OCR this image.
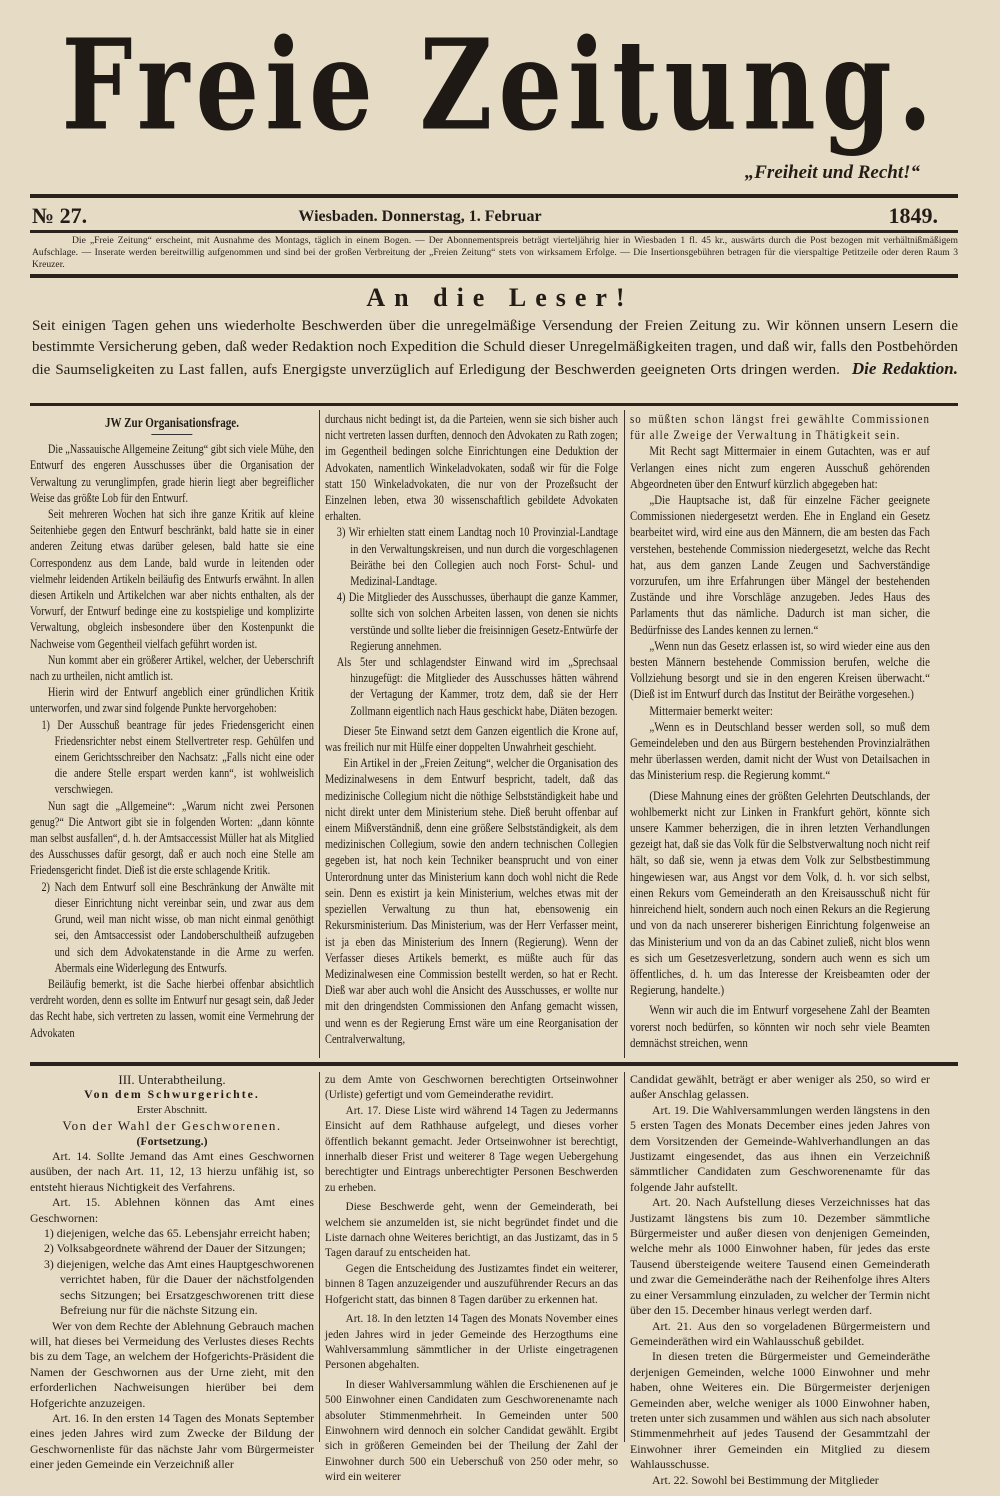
Freie Zeitung.
„Freiheit und Recht!“
№ 27.	Wiesbaden. Donnerstag, 1. Februar	1849.
Die „Freie Zeitung“ erscheint, mit Ausnahme des Montags, täglich in einem Bogen. — Der Abonnementspreis beträgt vierteljährig hier in Wiesbaden 1 fl. 45 kr., auswärts durch die Post bezogen mit verhältnißmäßigem Aufschlage. — Inserate werden bereitwillig aufgenommen und sind bei der großen Verbreitung der „Freien Zeitung“ stets von wirksamem Erfolge. — Die Insertionsgebühren betragen für die vierspaltige Petitzeile oder deren Raum 3 Kreuzer.
An die Leser!
Seit einigen Tagen gehen uns wiederholte Beschwerden über die unregelmäßige Versendung der Freien Zeitung zu. Wir können unsern Lesern die bestimmte Versicherung geben, daß weder Redaktion noch Expedition die Schuld dieser Unregelmäßigkeiten tragen, und daß wir, falls den Postbehörden die Saumseligkeiten zu Last fallen, aufs Energigste unverzüglich auf Erledigung der Beschwerden geeigneten Orts dringen werden. Die Redaktion.

JW Zur Organisationsfrage.

Die „Nassauische Allgemeine Zeitung“ gibt sich viele Mühe, den Entwurf des engeren Ausschusses über die Organisation der Verwaltung zu verunglimpfen, grade hierin liegt aber begreiflicher Weise das größte Lob für den Entwurf.

Seit mehreren Wochen hat sich ihre ganze Kritik auf kleine Seitenhiebe gegen den Entwurf beschränkt, bald hatte sie in einer anderen Zeitung etwas darüber gelesen, bald hatte sie eine Correspondenz aus dem Lande, bald wurde in leitenden oder vielmehr leidenden Artikeln beiläufig des Entwurfs erwähnt. In allen diesen Artikeln und Artikelchen war aber nichts enthalten, als der Vorwurf, der Entwurf bedinge eine zu kostspielige und komplizirte Verwaltung, obgleich insbesondere über den Kostenpunkt die Nachweise vom Gegentheil vielfach geführt worden ist.

Nun kommt aber ein größerer Artikel, welcher, der Ueberschrift nach zu urtheilen, nicht amtlich ist.

Hierin wird der Entwurf angeblich einer gründlichen Kritik unterworfen, und zwar sind folgende Punkte hervorgehoben:

1) Der Ausschuß beantrage für jedes Friedensgericht einen Friedensrichter nebst einem Stellvertreter resp. Gehülfen und einem Gerichtsschreiber den Nachsatz: „Falls nicht eine oder die andere Stelle erspart werden kann“, ist wohlweislich verschwiegen.

Nun sagt die „Allgemeine“: „Warum nicht zwei Personen genug?“ Die Antwort gibt sie in folgenden Worten: „dann könnte man selbst ausfallen“, d. h. der Amtsaccessist Müller hat als Mitglied des Ausschusses dafür gesorgt, daß er auch noch eine Stelle am Friedensgericht findet. Dieß ist die erste schlagende Kritik.

2) Nach dem Entwurf soll eine Beschränkung der Anwälte mit dieser Einrichtung nicht vereinbar sein, und zwar aus dem Grund, weil man nicht wisse, ob man nicht einmal genöthigt sei, den Amtsaccessist oder Landoberschultheiß aufzugeben und sich dem Advokatenstande in die Arme zu werfen. Abermals eine Widerlegung des Entwurfs.

Beiläufig bemerkt, ist die Sache hierbei offenbar absichtlich verdreht worden, denn es sollte im Entwurf nur gesagt sein, daß Jeder das Recht habe, sich vertreten zu lassen, womit eine Vermehrung der Advokaten

durchaus nicht bedingt ist, da die Parteien, wenn sie sich bisher auch nicht vertreten lassen durften, dennoch den Advokaten zu Rath zogen; im Gegentheil bedingen solche Einrichtungen eine Deduktion der Advokaten, namentlich Winkeladvokaten, sodaß wir für die Folge statt 150 Winkeladvokaten, die nur von der Prozeßsucht der Einzelnen leben, etwa 30 wissenschaftlich gebildete Advokaten erhalten.

3) Wir erhielten statt einem Landtag noch 10 Provinzial-Landtage in den Verwaltungskreisen, und nun durch die vorgeschlagenen Beiräthe bei den Collegien auch noch Forst- Schul- und Medizinal-Landtage.

4) Die Mitglieder des Ausschusses, überhaupt die ganze Kammer, sollte sich von solchen Arbeiten lassen, von denen sie nichts verstünde und sollte lieber die freisinnigen Gesetz-Entwürfe der Regierung annehmen.

Als 5ter und schlagendster Einwand wird im „Sprechsaal hinzugefügt: die Mitglieder des Ausschusses hätten während der Vertagung der Kammer, trotz dem, daß sie der Herr Zollmann eigentlich nach Haus geschickt habe, Diäten bezogen.

Dieser 5te Einwand setzt dem Ganzen eigentlich die Krone auf, was freilich nur mit Hülfe einer doppelten Unwahrheit geschieht.

Ein Artikel in der „Freien Zeitung“, welcher die Organisation des Medizinalwesens in dem Entwurf bespricht, tadelt, daß das medizinische Collegium nicht die nöthige Selbstständigkeit habe und nicht direkt unter dem Ministerium stehe. Dieß beruht offenbar auf einem Mißverständniß, denn eine größere Selbstständigkeit, als dem medizinischen Collegium, sowie den andern technischen Collegien gegeben ist, hat noch kein Techniker beansprucht und von einer Unterordnung unter das Ministerium kann doch wohl nicht die Rede sein. Denn es existirt ja kein Ministerium, welches etwas mit der speziellen Verwaltung zu thun hat, ebensowenig ein Rekursministerium. Das Ministerium, was der Herr Verfasser meint, ist ja eben das Ministerium des Innern (Regierung). Wenn der Verfasser dieses Artikels bemerkt, es müßte auch für das Medizinalwesen eine Commission bestellt werden, so hat er Recht. Dieß war aber auch wohl die Ansicht des Ausschusses, er wollte nur mit den dringendsten Commissionen den Anfang gemacht wissen, und wenn es der Regierung Ernst wäre um eine Reorganisation der Centralverwaltung,

so müßten schon längst frei gewählte Commissionen für alle Zweige der Verwaltung in Thätigkeit sein.

Mit Recht sagt Mittermaier in einem Gutachten, was er auf Verlangen eines nicht zum engeren Ausschuß gehörenden Abgeordneten über den Entwurf kürzlich abgegeben hat:

„Die Hauptsache ist, daß für einzelne Fächer geeignete Commissionen niedergesetzt werden. Ehe in England ein Gesetz bearbeitet wird, wird eine aus den Männern, die am besten das Fach verstehen, bestehende Commission niedergesetzt, welche das Recht hat, aus dem ganzen Lande Zeugen und Sachverständige vorzurufen, um ihre Erfahrungen über Mängel der bestehenden Zustände und ihre Vorschläge anzugeben. Jedes Haus des Parlaments thut das nämliche. Dadurch ist man sicher, die Bedürfnisse des Landes kennen zu lernen.“

„Wenn nun das Gesetz erlassen ist, so wird wieder eine aus den besten Männern bestehende Commission berufen, welche die Vollziehung besorgt und sie in den engeren Kreisen überwacht.“ (Dieß ist im Entwurf durch das Institut der Beiräthe vorgesehen.)

Mittermaier bemerkt weiter:

„Wenn es in Deutschland besser werden soll, so muß dem Gemeindeleben und den aus Bürgern bestehenden Provinzialräthen mehr überlassen werden, damit nicht der Wust von Detailsachen in das Ministerium resp. die Regierung kommt.“

(Diese Mahnung eines der größten Gelehrten Deutschlands, der wohlbemerkt nicht zur Linken in Frankfurt gehört, könnte sich unsere Kammer beherzigen, die in ihren letzten Verhandlungen gezeigt hat, daß sie das Volk für die Selbstverwaltung noch nicht reif hält, so daß sie, wenn ja etwas dem Volk zur Selbstbestimmung hingewiesen war, aus Angst vor dem Volk, d. h. vor sich selbst, einen Rekurs vom Gemeinderath an den Kreisausschuß nicht für hinreichend hielt, sondern auch noch einen Rekurs an die Regierung und von da nach unsererer bisherigen Einrichtung folgenweise an das Ministerium und von da an das Cabinet zuließ, nicht blos wenn es sich um Gesetzesverletzung, sondern auch wenn es sich um öffentliches, d. h. um das Interesse der Kreisbeamten oder der Regierung, handelte.)

Wenn wir auch die im Entwurf vorgesehene Zahl der Beamten vorerst noch bedürfen, so könnten wir noch sehr viele Beamten demnächst streichen, wenn

III. Unterabtheilung.

Von dem Schwurgerichte.

Erster Abschnitt.

Von der Wahl der Geschworenen.

(Fortsetzung.)

Art. 14. Sollte Jemand das Amt eines Geschwornen ausüben, der nach Art. 11, 12, 13 hierzu unfähig ist, so entsteht hieraus Nichtigkeit des Verfahrens.

Art. 15. Ablehnen können das Amt eines Geschwornen:

1) diejenigen, welche das 65. Lebensjahr erreicht haben;

2) Volksabgeordnete während der Dauer der Sitzungen;

3) diejenigen, welche das Amt eines Hauptgeschworenen verrichtet haben, für die Dauer der nächstfolgenden sechs Sitzungen; bei Ersatzgeschworenen tritt diese Befreiung nur für die nächste Sitzung ein.

Wer von dem Rechte der Ablehnung Gebrauch machen will, hat dieses bei Vermeidung des Verlustes dieses Rechts bis zu dem Tage, an welchem der Hofgerichts-Präsident die Namen der Geschwornen aus der Urne zieht, mit den erforderlichen Nachweisungen hierüber bei dem Hofgerichte anzuzeigen.

Art. 16. In den ersten 14 Tagen des Monats September eines jeden Jahres wird zum Zwecke der Bildung der Geschwornenliste für das nächste Jahr vom Bürgermeister einer jeden Gemeinde ein Verzeichniß aller

zu dem Amte von Geschwornen berechtigten Ortseinwohner (Urliste) gefertigt und vom Gemeinderathe revidirt.

Art. 17. Diese Liste wird während 14 Tagen zu Jedermanns Einsicht auf dem Rathhause aufgelegt, und dieses vorher öffentlich bekannt gemacht. Jeder Ortseinwohner ist berechtigt, innerhalb dieser Frist und weiterer 8 Tage wegen Uebergehung berechtigter und Eintrags unberechtigter Personen Beschwerden zu erheben.

Diese Beschwerde geht, wenn der Gemeinderath, bei welchem sie anzumelden ist, sie nicht begründet findet und die Liste darnach ohne Weiteres berichtigt, an das Justizamt, das in 5 Tagen darauf zu entscheiden hat.

Gegen die Entscheidung des Justizamtes findet ein weiterer, binnen 8 Tagen anzuzeigender und auszuführender Recurs an das Hofgericht statt, das binnen 8 Tagen darüber zu erkennen hat.

Art. 18. In den letzten 14 Tagen des Monats November eines jeden Jahres wird in jeder Gemeinde des Herzogthums eine Wahlversammlung sämmtlicher in der Urliste eingetragenen Personen abgehalten.

In dieser Wahlversammlung wählen die Erschienenen auf je 500 Einwohner einen Candidaten zum Geschworenenamte nach absoluter Stimmenmehrheit. In Gemeinden unter 500 Einwohnern wird dennoch ein solcher Candidat gewählt. Ergibt sich in größeren Gemeinden bei der Theilung der Zahl der Einwohner durch 500 ein Ueberschuß von 250 oder mehr, so wird ein weiterer

Candidat gewählt, beträgt er aber weniger als 250, so wird er außer Anschlag gelassen.

Art. 19. Die Wahlversammlungen werden längstens in den 5 ersten Tagen des Monats December eines jeden Jahres von dem Vorsitzenden der Gemeinde-Wahlverhandlungen an das Justizamt eingesendet, das aus ihnen ein Verzeichniß sämmtlicher Candidaten zum Geschworenenamte für das folgende Jahr aufstellt.

Art. 20. Nach Aufstellung dieses Verzeichnisses hat das Justizamt längstens bis zum 10. Dezember sämmtliche Bürgermeister und außer diesen von denjenigen Gemeinden, welche mehr als 1000 Einwohner haben, für jedes das erste Tausend übersteigende weitere Tausend einen Gemeinderath und zwar die Gemeinderäthe nach der Reihenfolge ihres Alters zu einer Versammlung einzuladen, zu welcher der Termin nicht über den 15. December hinaus verlegt werden darf.

Art. 21. Aus den so vorgeladenen Bürgermeistern und Gemeinderäthen wird ein Wahlausschuß gebildet.

In diesen treten die Bürgermeister und Gemeinderäthe derjenigen Gemeinden, welche 1000 Einwohner und mehr haben, ohne Weiteres ein. Die Bürgermeister derjenigen Gemeinden aber, welche weniger als 1000 Einwohner haben, treten unter sich zusammen und wählen aus sich nach absoluter Stimmenmehrheit auf jedes Tausend der Gesammtzahl der Einwohner ihrer Gemeinden ein Mitglied zu diesem Wahlausschusse.

Art. 22. Sowohl bei Bestimmung der Mitglieder
